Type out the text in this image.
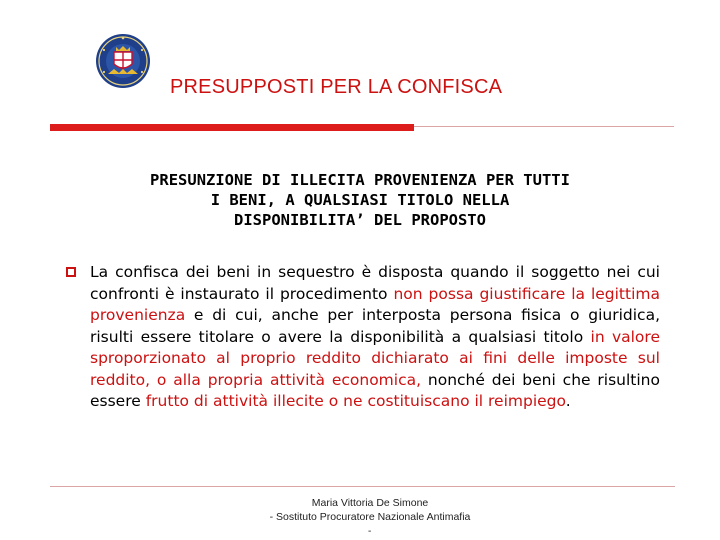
PRESUPPOSTI PER LA CONFISCA
PRESUNZIONE DI ILLECITA PROVENIENZA PER TUTTI
I BENI, A QUALSIASI TITOLO NELLA
DISPONIBILITA’ DEL PROPOSTO
La confisca dei beni in sequestro è disposta quando il soggetto nei cui confronti è instaurato il procedimento non possa giustificare la legittima provenienza e di cui, anche per interposta persona fisica o giuridica, risulti essere titolare o avere la disponibilità a qualsiasi titolo in valore sproporzionato al proprio reddito dichiarato ai fini delle imposte sul reddito, o alla propria attività economica, nonché dei beni che risultino essere frutto di attività illecite o ne costituiscano il reimpiego.
Maria Vittoria De Simone
- Sostituto Procuratore Nazionale Antimafia
-
